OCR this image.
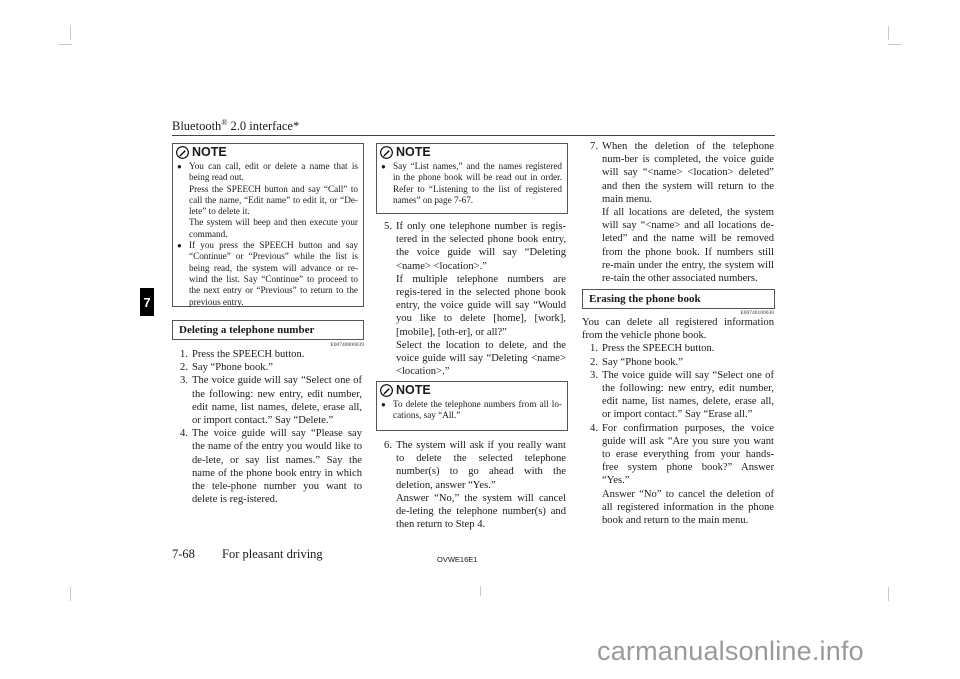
Bluetooth® 2.0 interface*
7
NOTE
● You can call, edit or delete a name that is being read out.
Press the SPEECH button and say “Call” to call the name, “Edit name” to edit it, or “De-lete” to delete it.
The system will beep and then execute your command.
● If you press the SPEECH button and say “Continue” or “Previous” while the list is being read, the system will advance or re-wind the list. Say “Continue” to proceed to the next entry or “Previous” to return to the previous entry.
Deleting a telephone number
E00740000039
1. Press the SPEECH button.
2. Say “Phone book.”
3. The voice guide will say “Select one of the following: new entry, edit number, edit name, list names, delete, erase all, or import contact.” Say “Delete.”
4. The voice guide will say “Please say the name of the entry you would like to de-lete, or say list names.” Say the name of the phone book entry in which the tele-phone number you want to delete is reg-istered.
NOTE
● Say “List names,” and the names registered in the phone book will be read out in order. Refer to “Listening to the list of registered names” on page 7-67.
5. If only one telephone number is regis-tered in the selected phone book entry, the voice guide will say “Deleting <name> <location>.”

If multiple telephone numbers are regis-tered in the selected phone book entry, the voice guide will say “Would you like to delete [home], [work], [mobile], [oth-er], or all?”

Select the location to delete, and the voice guide will say “Deleting <name> <location>.”

NOTE
● To delete the telephone numbers from all lo-cations, say “All.”
6. The system will ask if you really want to delete the selected telephone number(s) to go ahead with the deletion, answer “Yes.”

Answer “No,” the system will cancel de-leting the telephone number(s) and then return to Step 4.

7. When the deletion of the telephone num-ber is completed, the voice guide will say “<name> <location> deleted” and then the system will return to the main menu.

If all locations are deleted, the system will say “<name> and all locations de-leted” and the name will be removed from the phone book. If numbers still re-main under the entry, the system will re-tain the other associated numbers.

Erasing the phone book
E00740100030

You can delete all registered information from the vehicle phone book.

1. Press the SPEECH button.
2. Say “Phone book.”
3. The voice guide will say “Select one of the following: new entry, edit number, edit name, list names, delete, erase all, or import contact.” Say “Erase all.”
4. For confirmation purposes, the voice guide will ask “Are you sure you want to erase everything from your hands-free system phone book?” Answer “Yes.”
Answer “No” to cancel the deletion of all registered information in the phone book and return to the main menu.
7-68 For pleasant driving	OVWE16E1
carmanualsonline.info
